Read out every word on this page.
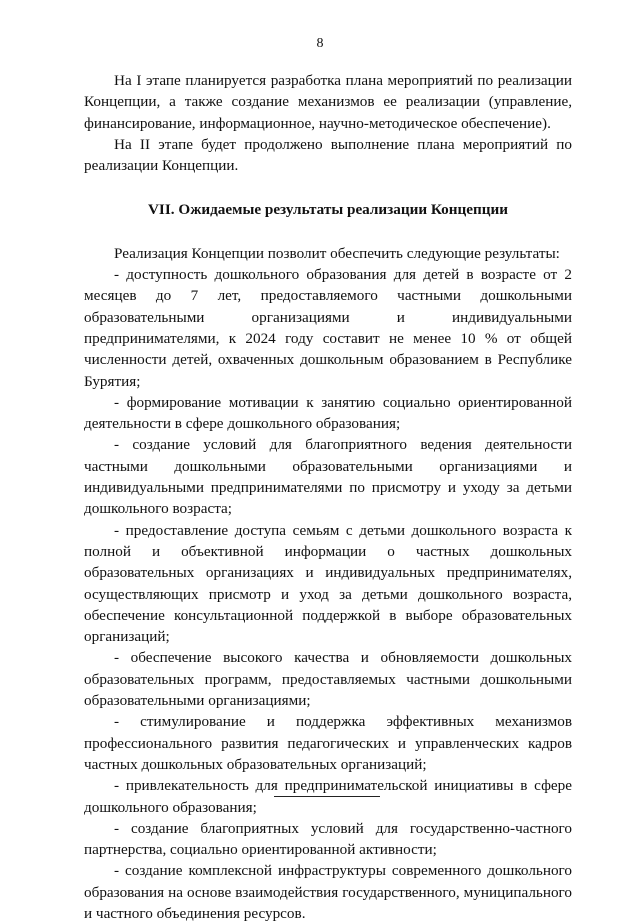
8

На I этапе планируется разработка плана мероприятий по реализации Концепции, а также создание механизмов ее реализации (управление, финансирование, информационное, научно-методическое обеспечение).

На II этапе будет продолжено выполнение плана мероприятий по реализации Концепции.

VII. Ожидаемые результаты реализации Концепции

Реализация Концепции позволит обеспечить следующие результаты:

- доступность дошкольного образования для детей в возрасте от 2 месяцев до 7 лет, предоставляемого частными дошкольными образовательными организациями и индивидуальными предпринимателями, к 2024 году составит не менее 10 % от общей численности детей, охваченных дошкольным образованием в Республике Бурятия;

- формирование мотивации к занятию социально ориентированной деятельности в сфере дошкольного образования;

- создание условий для благоприятного ведения деятельности частными дошкольными образовательными организациями и индивидуальными предпринимателями по присмотру и уходу за детьми дошкольного возраста;

- предоставление доступа семьям с детьми дошкольного возраста к полной и объективной информации о частных дошкольных образовательных организациях и индивидуальных предпринимателях, осуществляющих присмотр и уход за детьми дошкольного возраста, обеспечение консультационной поддержкой в выборе образовательных организаций;

- обеспечение высокого качества и обновляемости дошкольных образовательных программ, предоставляемых частными дошкольными образовательными организациями;

- стимулирование и поддержка эффективных механизмов профессионального развития педагогических и управленческих кадров частных дошкольных образовательных организаций;

- привлекательность для предпринимательской инициативы в сфере дошкольного образования;

- создание благоприятных условий для государственно-частного партнерства, социально ориентированной активности;

- создание комплексной инфраструктуры современного дошкольного образования на основе взаимодействия государственного, муниципального и частного объединения ресурсов.
